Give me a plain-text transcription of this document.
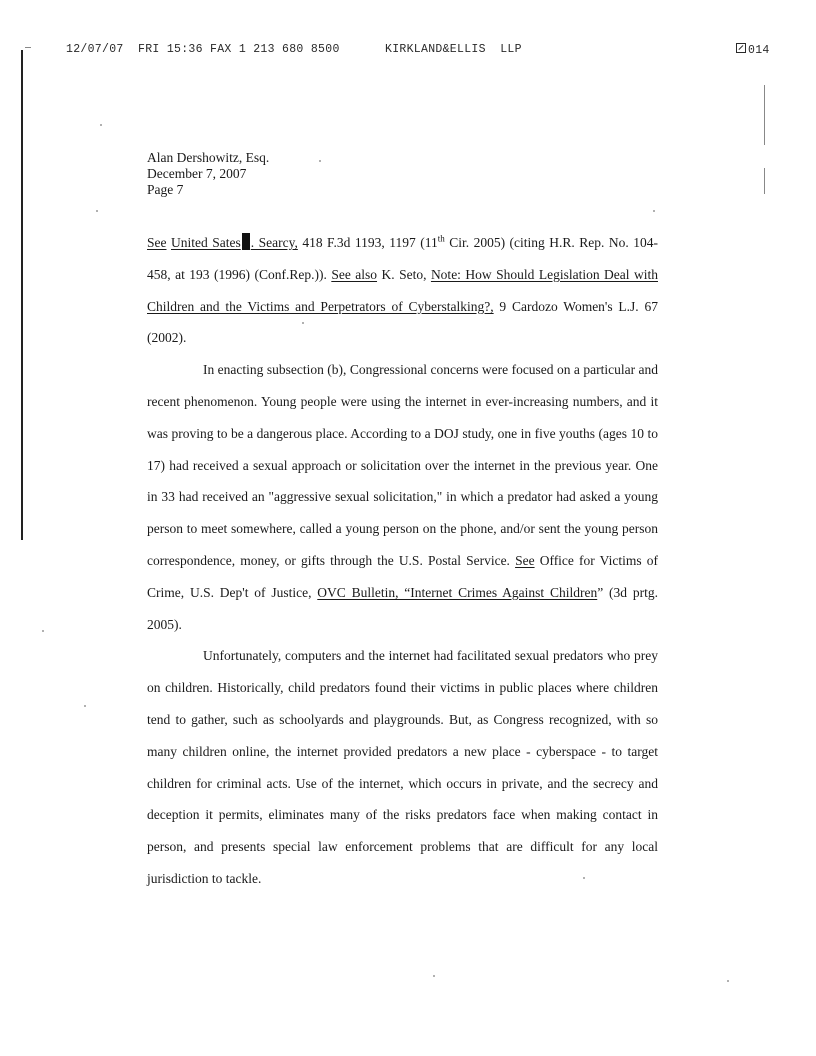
12/07/07  FRI 15:36 FAX 1 213 680 8500	KIRKLAND&ELLIS  LLP	014
Alan Dershowitz, Esq.
December 7, 2007
Page 7

See United Sates . Searcy, 418 F.3d 1193, 1197 (11th Cir. 2005) (citing H.R. Rep. No. 104-458, at 193 (1996) (Conf.Rep.)). See also K. Seto, Note: How Should Legislation Deal with Children and the Victims and Perpetrators of Cyberstalking?, 9 Cardozo Women's L.J. 67 (2002).

In enacting subsection (b), Congressional concerns were focused on a particular and recent phenomenon. Young people were using the internet in ever-increasing numbers, and it was proving to be a dangerous place. According to a DOJ study, one in five youths (ages 10 to 17) had received a sexual approach or solicitation over the internet in the previous year. One in 33 had received an "aggressive sexual solicitation," in which a predator had asked a young person to meet somewhere, called a young person on the phone, and/or sent the young person correspondence, money, or gifts through the U.S. Postal Service. See Office for Victims of Crime, U.S. Dep't of Justice, OVC Bulletin, “Internet Crimes Against Children” (3d prtg. 2005).

Unfortunately, computers and the internet had facilitated sexual predators who prey on children. Historically, child predators found their victims in public places where children tend to gather, such as schoolyards and playgrounds. But, as Congress recognized, with so many children online, the internet provided predators a new place - cyberspace - to target children for criminal acts. Use of the internet, which occurs in private, and the secrecy and deception it permits, eliminates many of the risks predators face when making contact in person, and presents special law enforcement problems that are difficult for any local jurisdiction to tackle.
